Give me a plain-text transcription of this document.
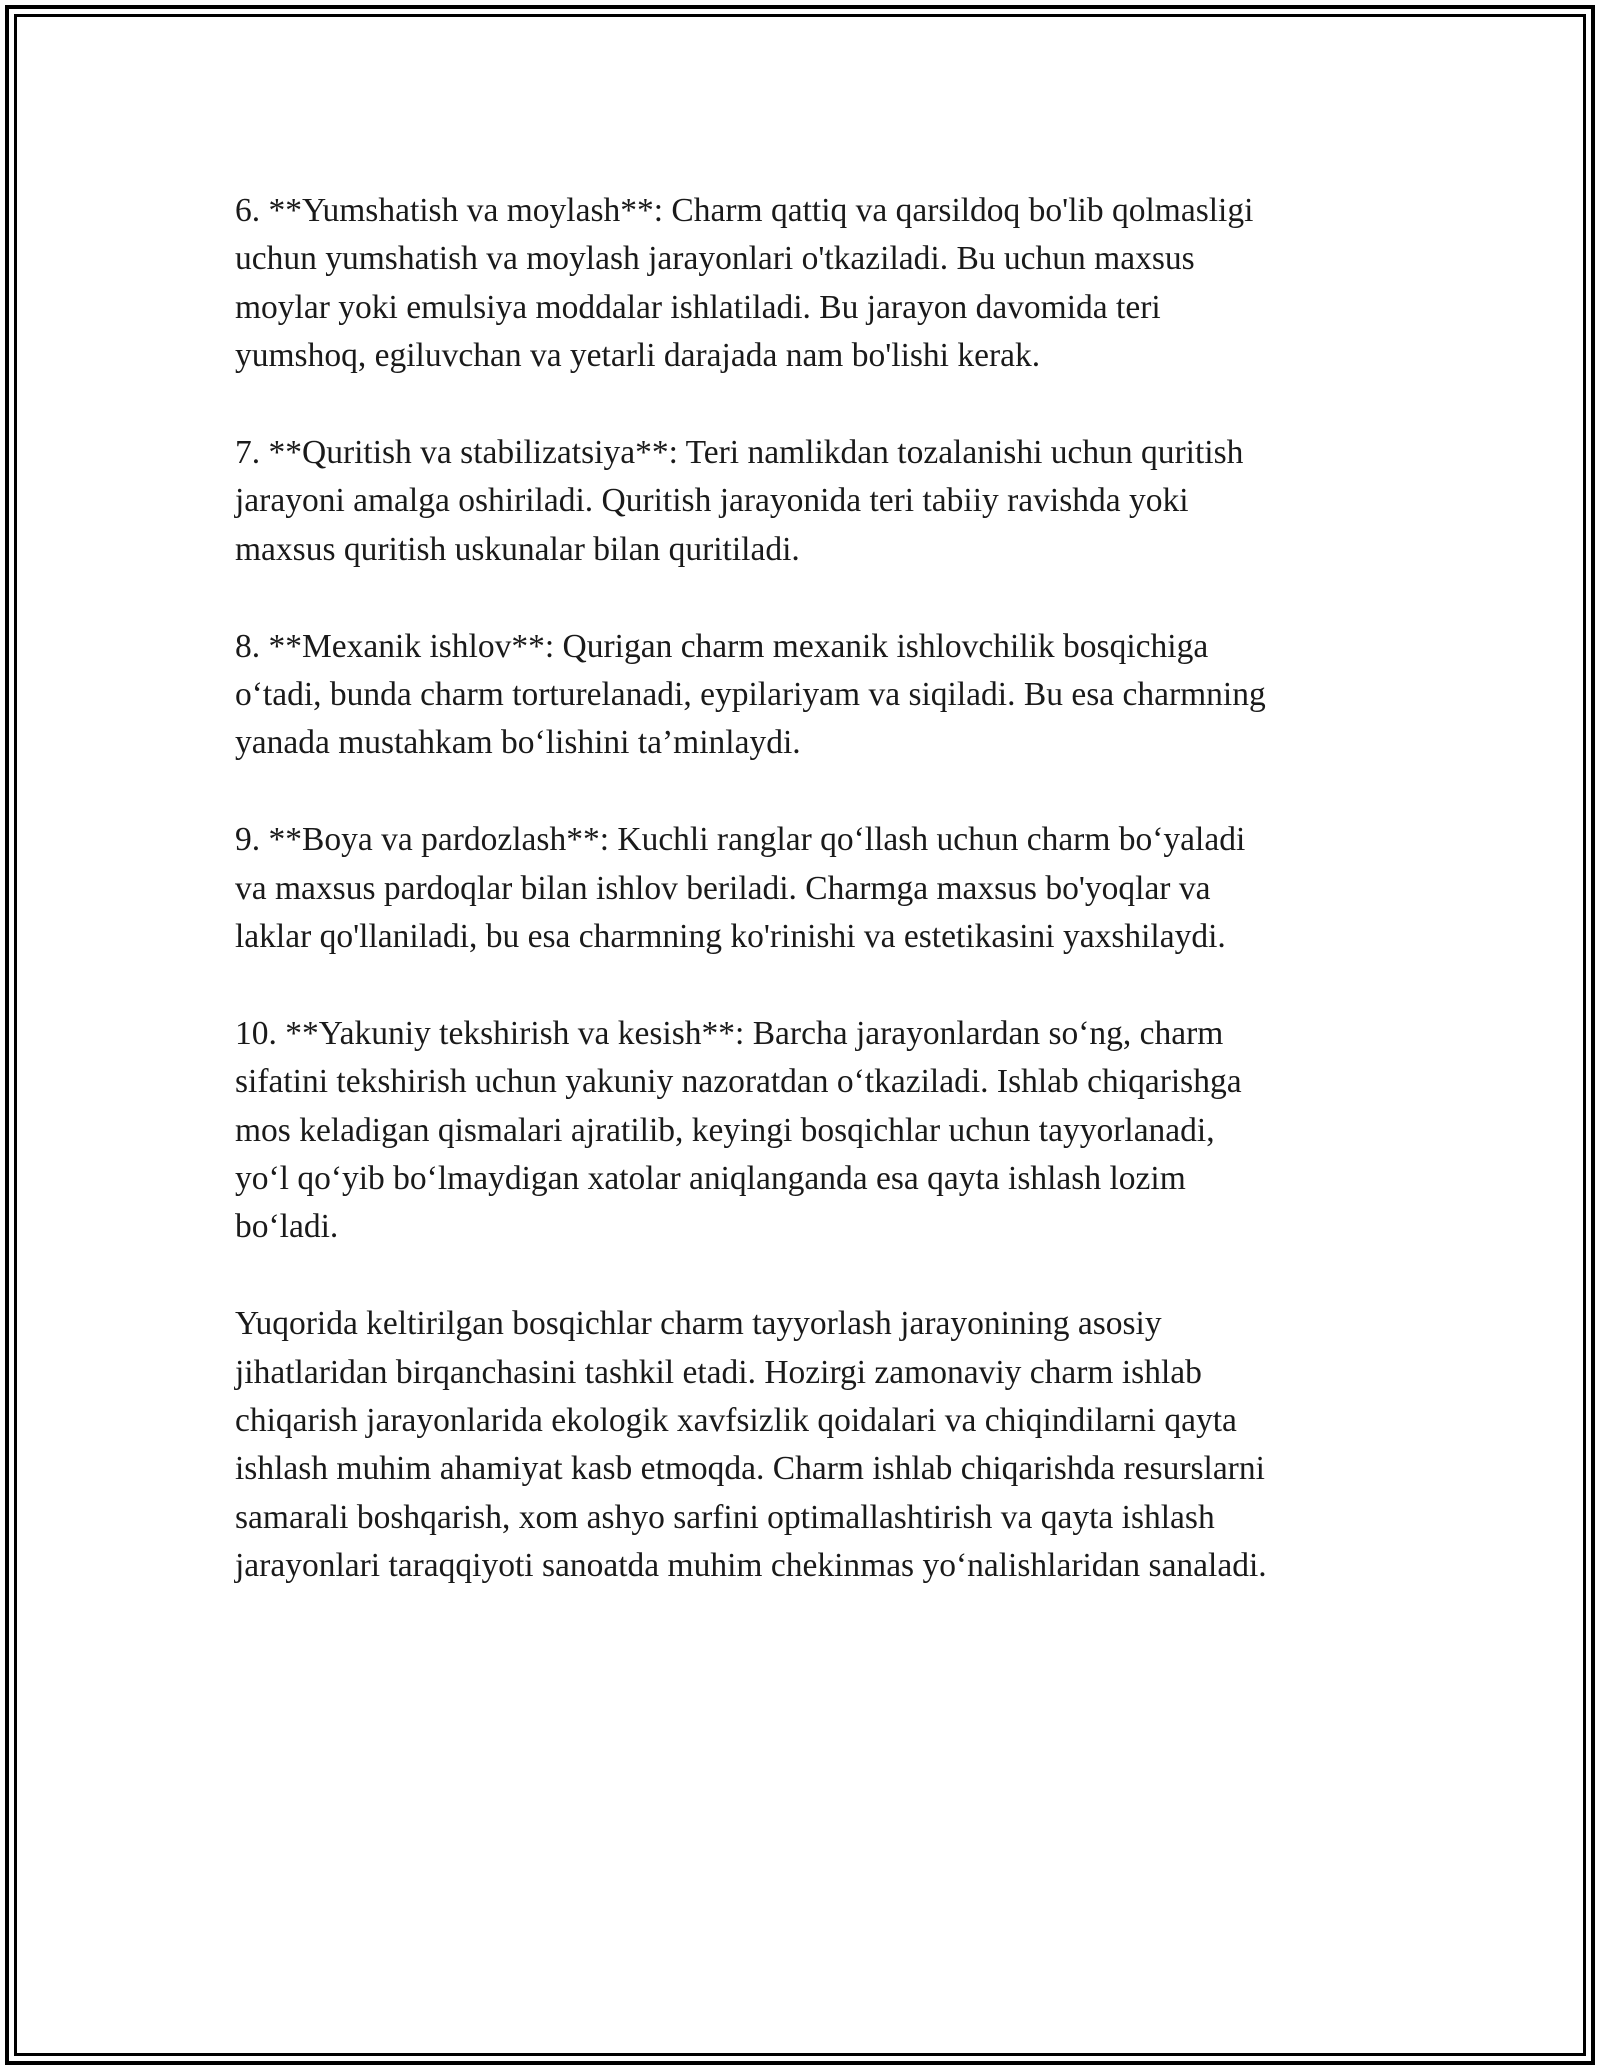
6. **Yumshatish va moylash**: Charm qattiq va qarsildoq bo'lib qolmasligi
uchun yumshatish va moylash jarayonlari o'tkaziladi. Bu uchun maxsus
moylar yoki emulsiya moddalar ishlatiladi. Bu jarayon davomida teri
yumshoq, egiluvchan va yetarli darajada nam bo'lishi kerak.

7. **Quritish va stabilizatsiya**: Teri namlikdan tozalanishi uchun quritish
jarayoni amalga oshiriladi. Quritish jarayonida teri tabiiy ravishda yoki
maxsus quritish uskunalar bilan quritiladi.

8. **Mexanik ishlov**: Qurigan charm mexanik ishlovchilik bosqichiga
o‘tadi, bunda charm torturelanadi, eypilariyam va siqiladi. Bu esa charmning
yanada mustahkam bo‘lishini ta’minlaydi.

9. **Boya va pardozlash**: Kuchli ranglar qo‘llash uchun charm bo‘yaladi
va maxsus pardoqlar bilan ishlov beriladi. Charmga maxsus bo'yoqlar va
laklar qo'llaniladi, bu esa charmning ko'rinishi va estetikasini yaxshilaydi.

10. **Yakuniy tekshirish va kesish**: Barcha jarayonlardan so‘ng, charm
sifatini tekshirish uchun yakuniy nazoratdan o‘tkaziladi. Ishlab chiqarishga
mos keladigan qismalari ajratilib, keyingi bosqichlar uchun tayyorlanadi,
yo‘l qo‘yib bo‘lmaydigan xatolar aniqlanganda esa qayta ishlash lozim
bo‘ladi.

Yuqorida keltirilgan bosqichlar charm tayyorlash jarayonining asosiy
jihatlaridan birqanchasini tashkil etadi. Hozirgi zamonaviy charm ishlab
chiqarish jarayonlarida ekologik xavfsizlik qoidalari va chiqindilarni qayta
ishlash muhim ahamiyat kasb etmoqda. Charm ishlab chiqarishda resurslarni
samarali boshqarish, xom ashyo sarfini optimallashtirish va qayta ishlash
jarayonlari taraqqiyoti sanoatda muhim chekinmas yo‘nalishlaridan sanaladi.
